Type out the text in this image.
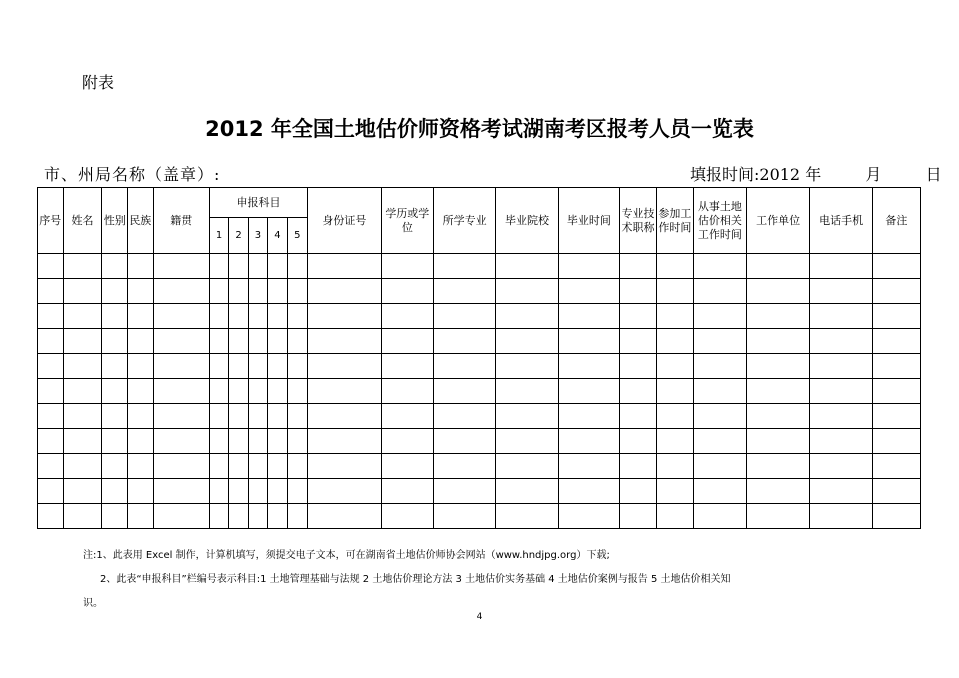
附表
2012 年全国土地估价师资格考试湖南考区报考人员一览表
市、州局名称（盖章）:	填报时间:2012 年	月	日
序号	姓名	性别	民族	籍贯	申报科目					身份证号	学历或学位	所学专业	毕业院校	毕业时间	专业技术职称	参加工作时间	从事土地估价相关工作时间	工作单位	电话手机	备注
					1	2	3	4	5											

注:1、此表用 Excel 制作，计算机填写，须提交电子文本，可在湖南省土地估价师协会网站（www.hndjpg.org）下载;
2、此表“申报科目”栏编号表示科目:1 土地管理基础与法规 2 土地估价理论方法 3 土地估价实务基础 4 土地估价案例与报告 5 土地估价相关知
识。
4
